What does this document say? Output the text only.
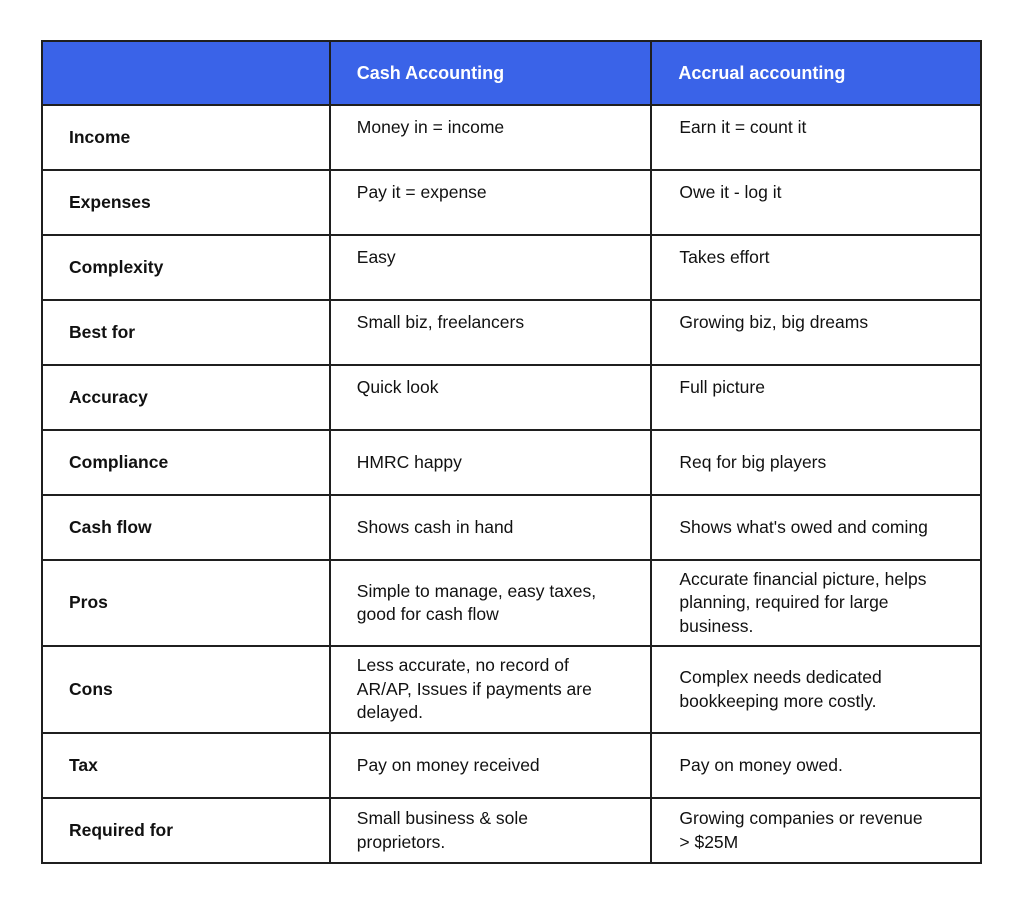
	Cash Accounting	Accrual accounting

Income	Money in = income	Earn it = count it

Expenses	Pay it = expense	Owe it - log it

Complexity	Easy	Takes effort

Best for	Small biz, freelancers	Growing biz, big dreams

Accuracy	Quick look	Full picture

Compliance	HMRC happy	Req for big players

Cash flow	Shows cash in hand	Shows what's owed and coming

Pros	Simple to manage, easy taxes, good for cash flow	Accurate financial picture, helps planning, required for large business.

Cons	Less accurate, no record of AR/AP, Issues if payments are delayed.	Complex needs dedicated bookkeeping more costly.

Tax	Pay on money received	Pay on money owed.

Required for	Small business & sole proprietors.	Growing companies or revenue > $25M
